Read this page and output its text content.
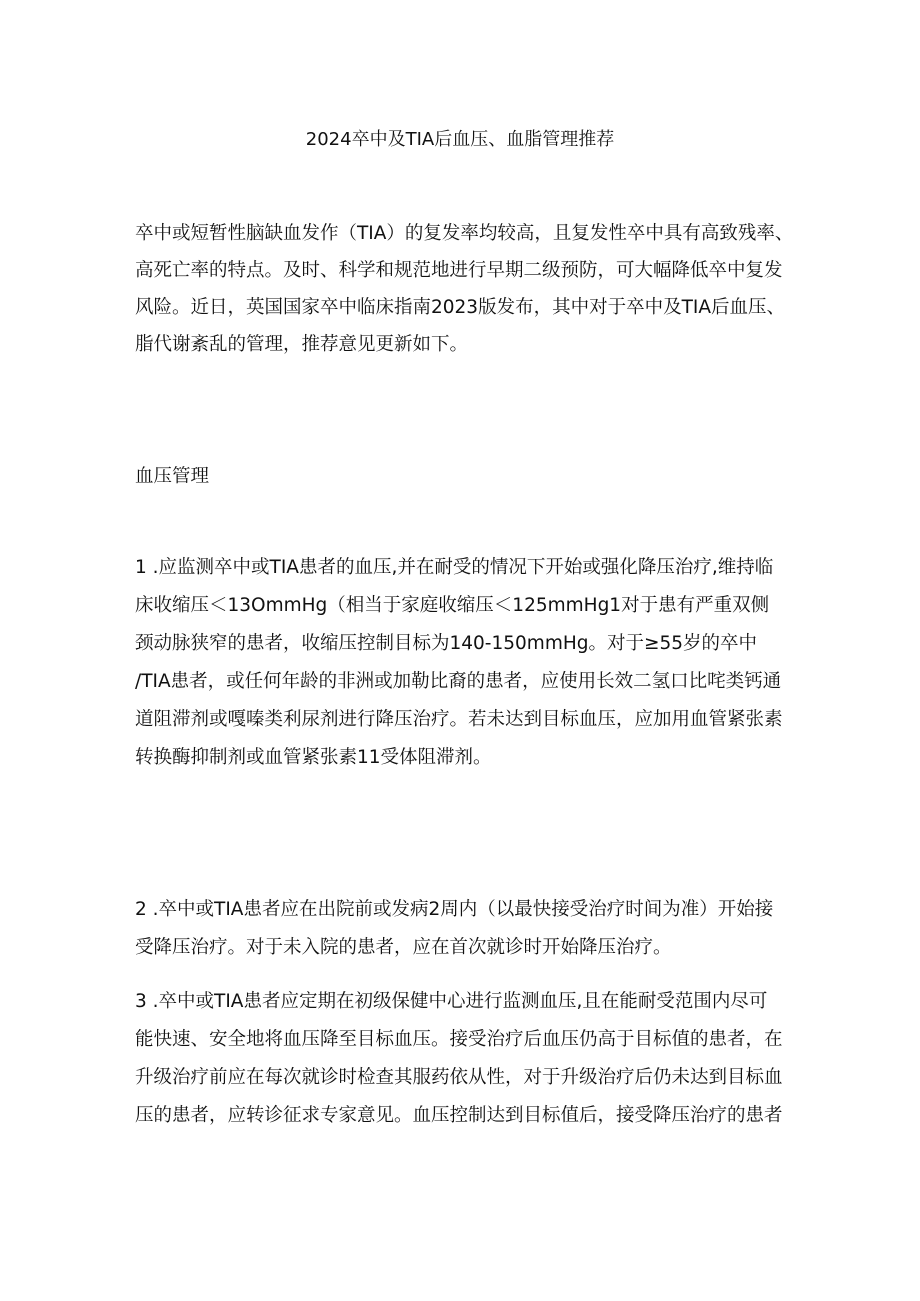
2024卒中及TIA后血压、血脂管理推荐

卒中或短暂性脑缺血发作（TIA）的复发率均较高，且复发性卒中具有高致残率、
高死亡率的特点。及时、科学和规范地进行早期二级预防，可大幅降低卒中复发
风险。近日，英国国家卒中临床指南2023版发布，其中对于卒中及TIA后血压、
脂代谢紊乱的管理，推荐意见更新如下。

血压管理

1 .应监测卒中或TIA患者的血压,并在耐受的情况下开始或强化降压治疗,维持临
床收缩压＜13OmmHg（相当于家庭收缩压＜125mmHg1对于患有严重双侧
颈动脉狭窄的患者，收缩压控制目标为140-150mmHg。对于≥55岁的卒中
/TIA患者，或任何年龄的非洲或加勒比裔的患者，应使用长效二氢口比咤类钙通
道阻滞剂或嘎嗪类利尿剂进行降压治疗。若未达到目标血压，应加用血管紧张素
转换酶抑制剂或血管紧张素11受体阻滞剂。

2 .卒中或TIA患者应在出院前或发病2周内（以最快接受治疗时间为准）开始接
受降压治疗。对于未入院的患者，应在首次就诊时开始降压治疗。

3 .卒中或TIA患者应定期在初级保健中心进行监测血压,且在能耐受范围内尽可
能快速、安全地将血压降至目标血压。接受治疗后血压仍高于目标值的患者，在
升级治疗前应在每次就诊时检查其服药依从性，对于升级治疗后仍未达到目标血
压的患者，应转诊征求专家意见。血压控制达到目标值后，接受降压治疗的患者
